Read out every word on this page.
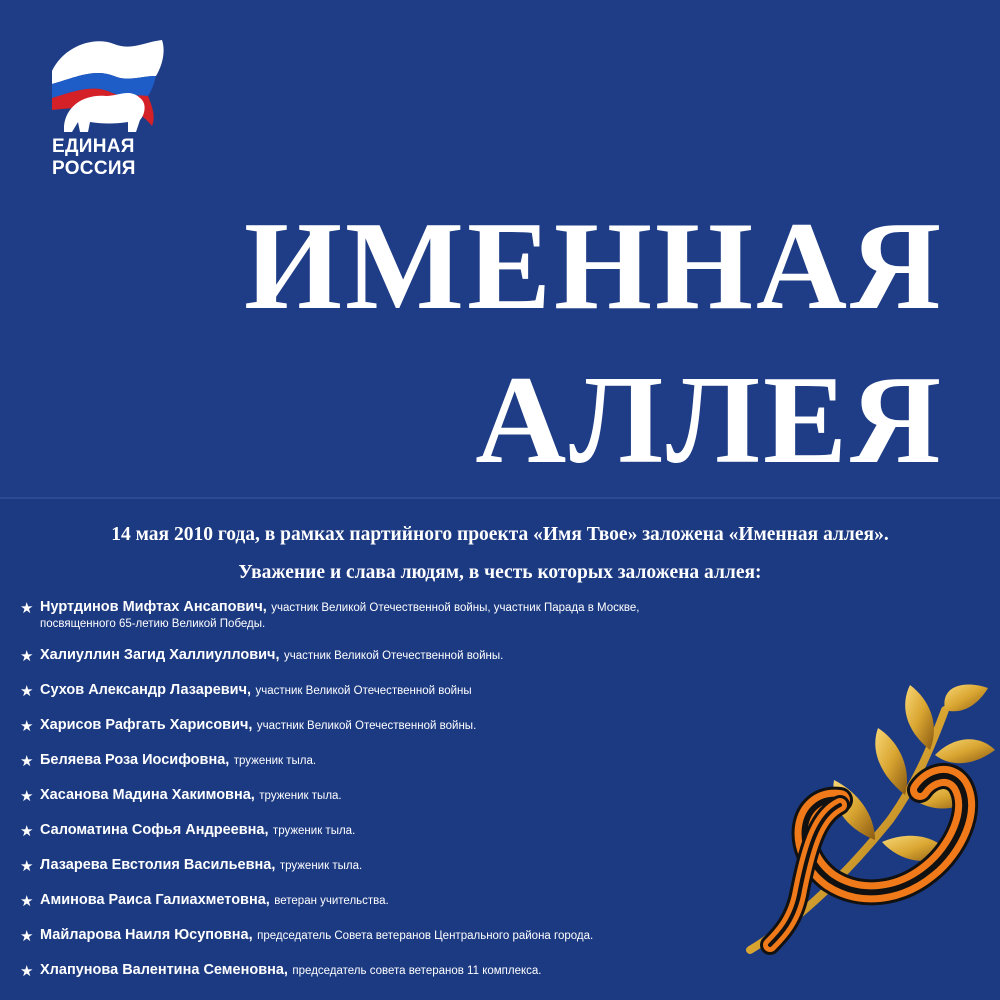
ЕДИНАЯ
РОССИЯ
ИМЕННАЯ
АЛЛЕЯ
14 мая 2010 года, в рамках партийного проекта «Имя Твое» заложена «Именная аллея».
Уважение и слава людям, в честь которых заложена аллея:
★ Нуртдинов Мифтах Ансапович, участник Великой Отечественной войны, участник Парада в Москве,
посвященного 65-летию Великой Победы.
★ Халиуллин Загид Халлиуллович, участник Великой Отечественной войны.
★ Сухов Александр Лазаревич, участник Великой Отечественной войны
★ Харисов Рафгать Харисович, участник Великой Отечественной войны.
★ Беляева Роза Иосифовна, труженик тыла.
★ Хасанова Мадина Хакимовна, труженик тыла.
★ Саломатина Софья Андреевна, труженик тыла.
★ Лазарева Евстолия Васильевна, труженик тыла.
★ Аминова Раиса Галиахметовна, ветеран учительства.
★ Майларова Наиля Юсуповна, председатель Совета ветеранов Центрального района города.
★ Хлапунова Валентина Семеновна, председатель совета ветеранов 11 комплекса.
